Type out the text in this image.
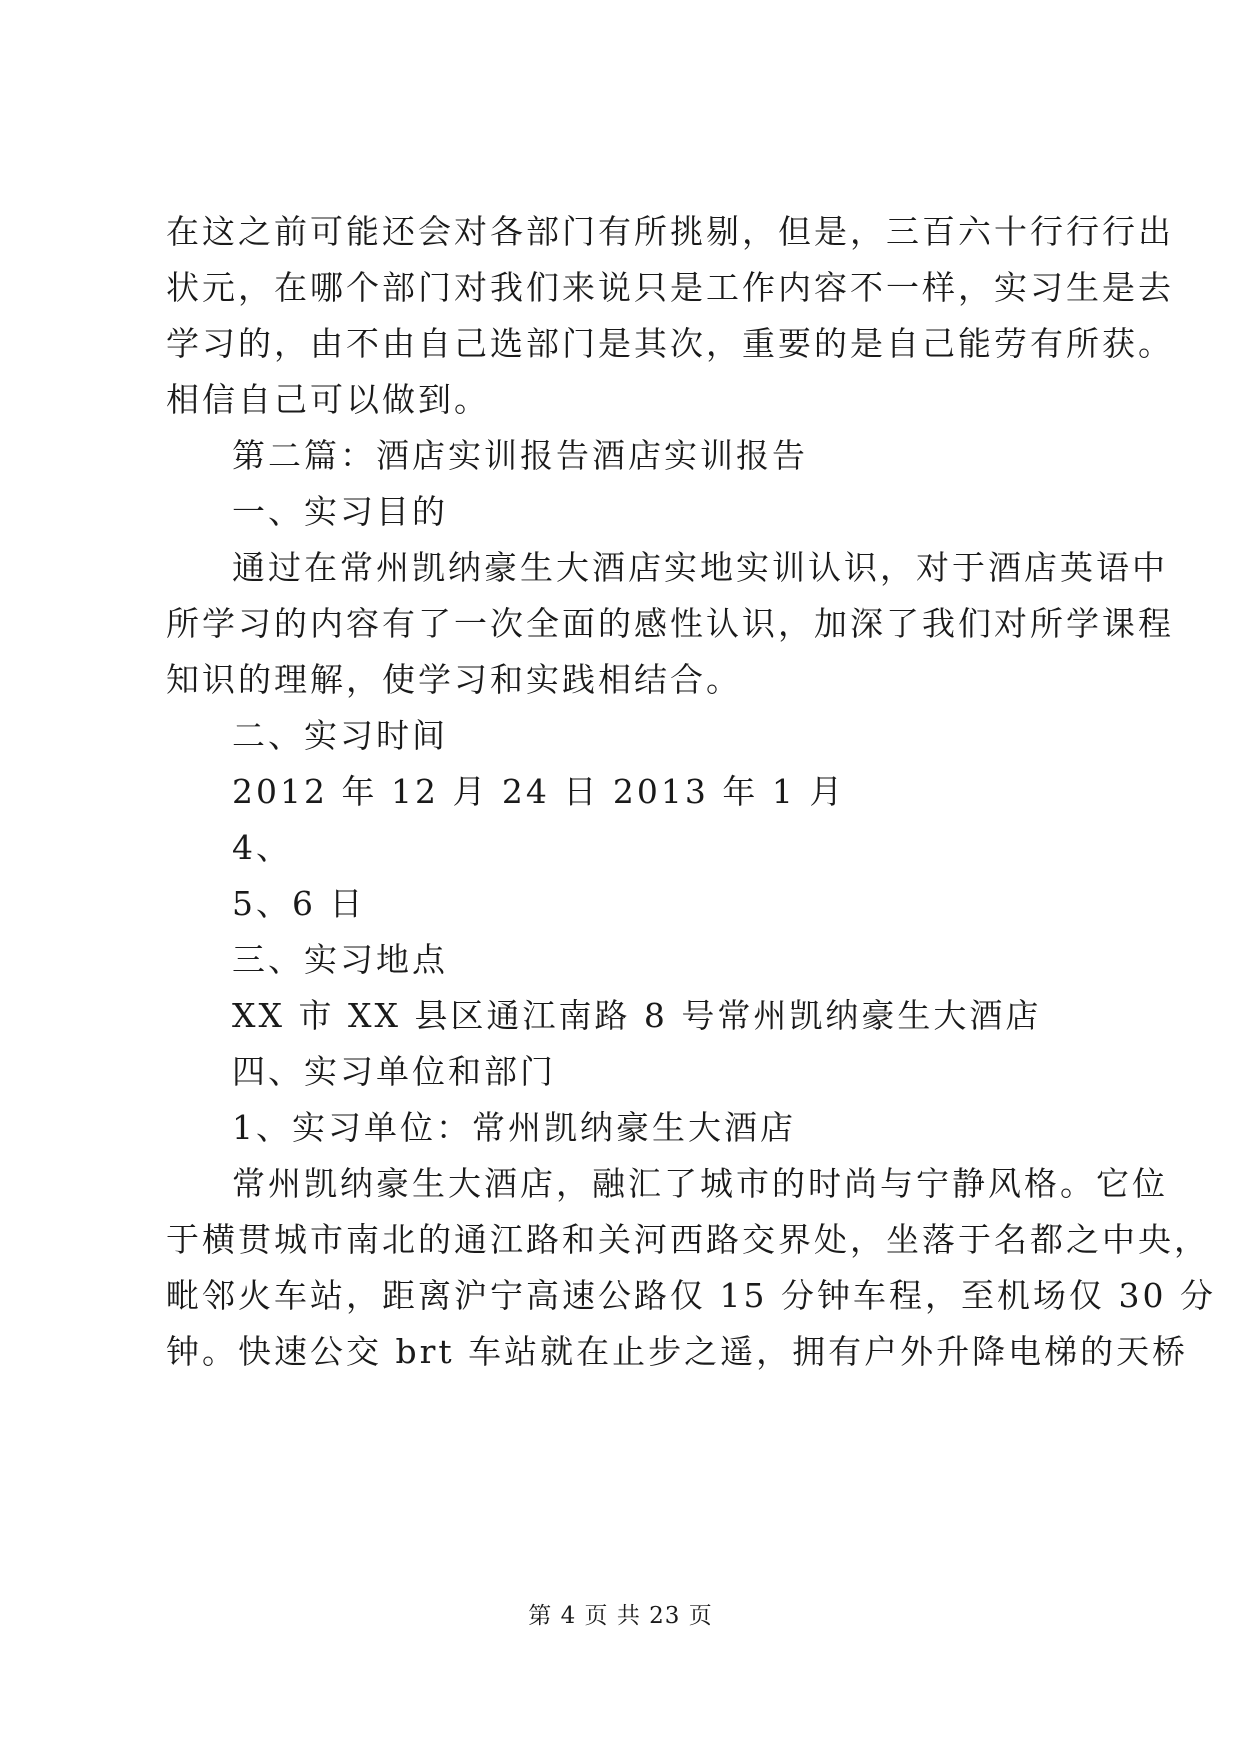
在这之前可能还会对各部门有所挑剔，但是，三百六十行行行出
状元，在哪个部门对我们来说只是工作内容不一样，实习生是去
学习的，由不由自己选部门是其次，重要的是自己能劳有所获。
相信自己可以做到。
第二篇：酒店实训报告酒店实训报告
一、实习目的
通过在常州凯纳豪生大酒店实地实训认识，对于酒店英语中
所学习的内容有了一次全面的感性认识，加深了我们对所学课程
知识的理解，使学习和实践相结合。
二、实习时间
2012 年 12 月 24 日 2013 年 1 月
4、
5、6 日
三、实习地点
XX 市 XX 县区通江南路 8 号常州凯纳豪生大酒店
四、实习单位和部门
1、实习单位：常州凯纳豪生大酒店
常州凯纳豪生大酒店，融汇了城市的时尚与宁静风格。它位
于横贯城市南北的通江路和关河西路交界处，坐落于名都之中央，
毗邻火车站，距离沪宁高速公路仅 15 分钟车程，至机场仅 30 分
钟。快速公交 brt 车站就在止步之遥，拥有户外升降电梯的天桥
第 4 页 共 23 页
